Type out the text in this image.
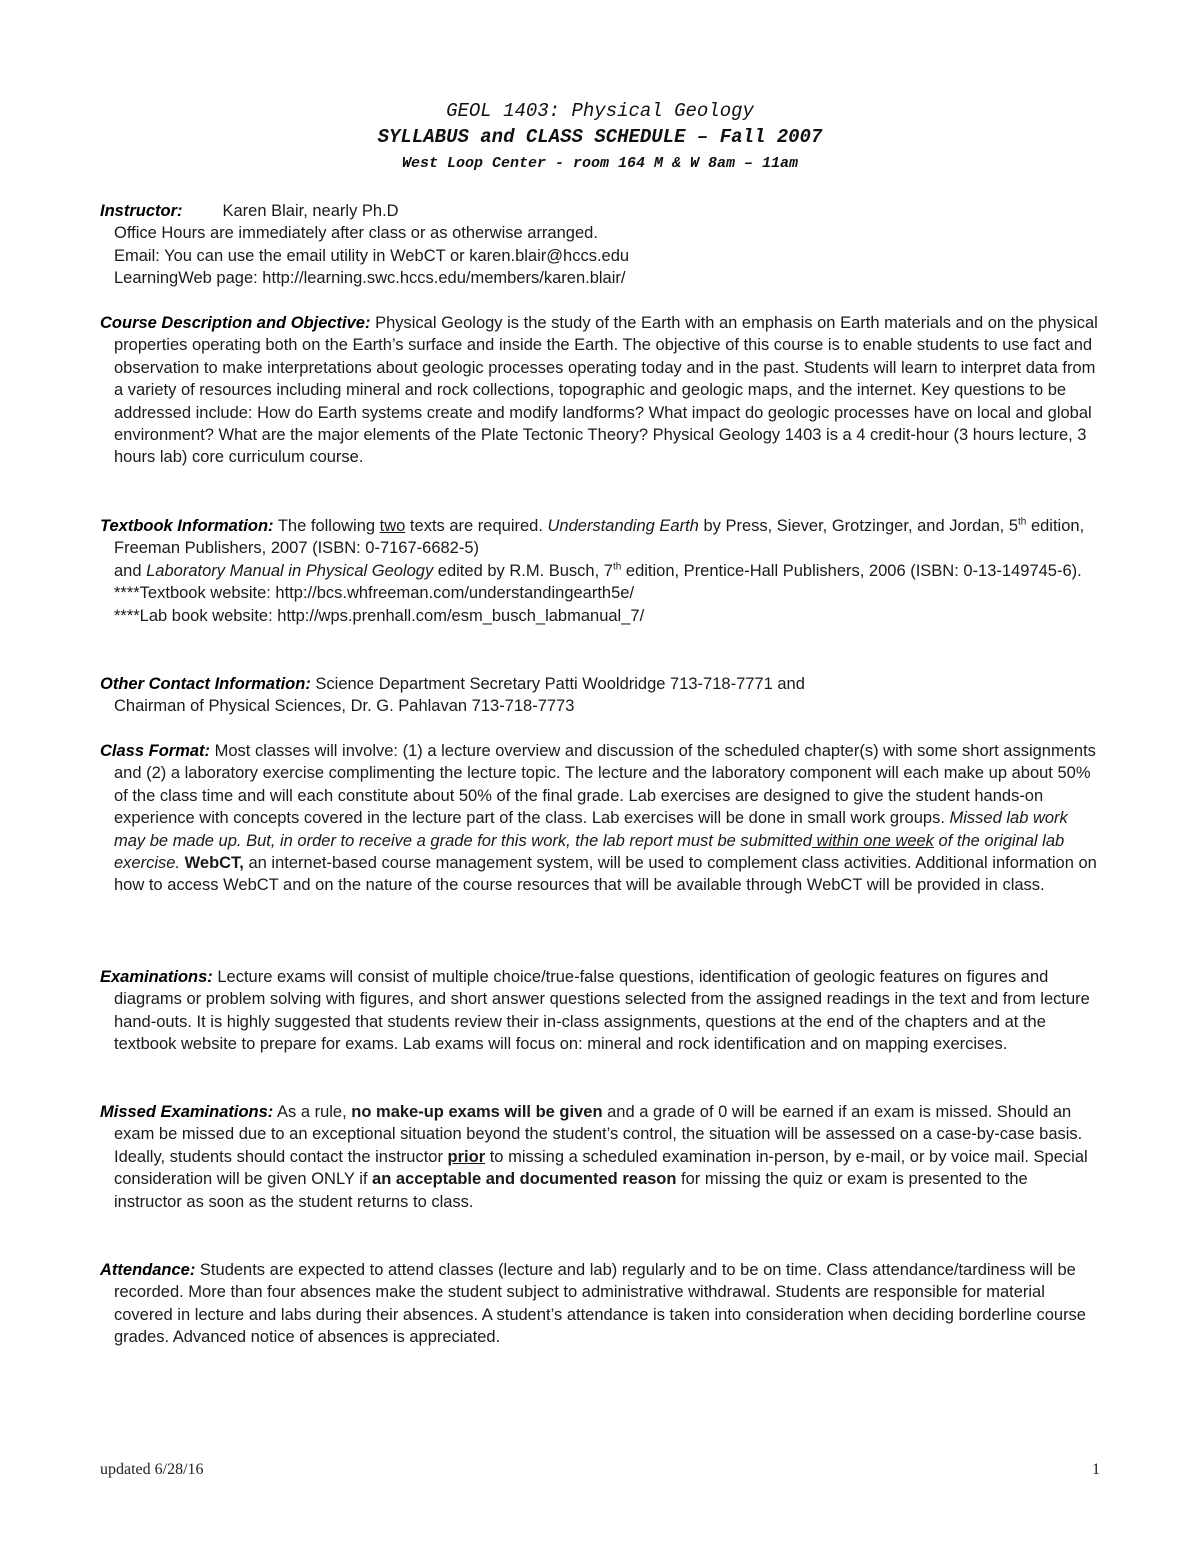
GEOL 1403: Physical Geology
SYLLABUS and CLASS SCHEDULE – Fall 2007
West Loop Center - room 164 M & W 8am – 11am

Instructor: Karen Blair, nearly Ph.D

Office Hours are immediately after class or as otherwise arranged.
Email: You can use the email utility in WebCT or karen.blair@hccs.edu
LearningWeb page: http://learning.swc.hccs.edu/members/karen.blair/

Course Description and Objective: Physical Geology is the study of the Earth with an emphasis on Earth materials and on the physical properties operating both on the Earth’s surface and inside the Earth. The objective of this course is to enable students to use fact and observation to make interpretations about geologic processes operating today and in the past. Students will learn to interpret data from a variety of resources including mineral and rock collections, topographic and geologic maps, and the internet. Key questions to be addressed include: How do Earth systems create and modify landforms? What impact do geologic processes have on local and global environment? What are the major elements of the Plate Tectonic Theory? Physical Geology 1403 is a 4 credit-hour (3 hours lecture, 3 hours lab) core curriculum course.

Textbook Information: The following two texts are required. Understanding Earth by Press, Siever, Grotzinger, and Jordan, 5th edition, Freeman Publishers, 2007 (ISBN: 0-7167-6682-5)

and Laboratory Manual in Physical Geology edited by R.M. Busch, 7th edition, Prentice-Hall Publishers, 2006 (ISBN: 0-13-149745-6).
****Textbook website: http://bcs.whfreeman.com/understandingearth5e/
****Lab book website: http://wps.prenhall.com/esm_busch_labmanual_7/

Other Contact Information: Science Department Secretary Patti Wooldridge 713-718-7771 and

Chairman of Physical Sciences, Dr. G. Pahlavan 713-718-7773

Class Format: Most classes will involve: (1) a lecture overview and discussion of the scheduled chapter(s) with some short assignments and (2) a laboratory exercise complimenting the lecture topic. The lecture and the laboratory component will each make up about 50% of the class time and will each constitute about 50% of the final grade. Lab exercises are designed to give the student hands-on experience with concepts covered in the lecture part of the class. Lab exercises will be done in small work groups. Missed lab work may be made up. But, in order to receive a grade for this work, the lab report must be submitted within one week of the original lab exercise. WebCT, an internet-based course management system, will be used to complement class activities. Additional information on how to access WebCT and on the nature of the course resources that will be available through WebCT will be provided in class.

Examinations: Lecture exams will consist of multiple choice/true-false questions, identification of geologic features on figures and diagrams or problem solving with figures, and short answer questions selected from the assigned readings in the text and from lecture hand-outs. It is highly suggested that students review their in-class assignments, questions at the end of the chapters and at the textbook website to prepare for exams. Lab exams will focus on: mineral and rock identification and on mapping exercises.

Missed Examinations: As a rule, no make-up exams will be given and a grade of 0 will be earned if an exam is missed. Should an exam be missed due to an exceptional situation beyond the student’s control, the situation will be assessed on a case-by-case basis. Ideally, students should contact the instructor prior to missing a scheduled examination in-person, by e-mail, or by voice mail. Special consideration will be given ONLY if an acceptable and documented reason for missing the quiz or exam is presented to the instructor as soon as the student returns to class.

Attendance: Students are expected to attend classes (lecture and lab) regularly and to be on time. Class attendance/tardiness will be recorded. More than four absences make the student subject to administrative withdrawal. Students are responsible for material covered in lecture and labs during their absences. A student’s attendance is taken into consideration when deciding borderline course grades. Advanced notice of absences is appreciated.

updated 6/28/16	1
